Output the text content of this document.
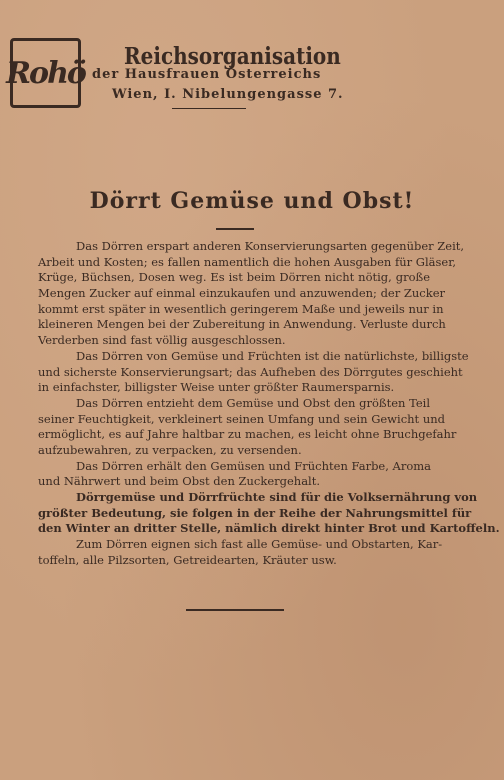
Rohö Reichsorganisation
der Hausfrauen Österreichs
Wien, I. Nibelungengasse 7.
Dörrt Gemüse und Obst!
Das Dörren erspart anderen Konservierungsarten gegenüber Zeit,
Arbeit und Kosten; es fallen namentlich die hohen Ausgaben für Gläser,
Krüge, Büchsen, Dosen weg. Es ist beim Dörren nicht nötig, große
Mengen Zucker auf einmal einzukaufen und anzuwenden; der Zucker
kommt erst später in wesentlich geringerem Maße und jeweils nur in
kleineren Mengen bei der Zubereitung in Anwendung. Verluste durch
Verderben sind fast völlig ausgeschlossen.
Das Dörren von Gemüse und Früchten ist die natürlichste, billigste
und sicherste Konservierungsart; das Aufheben des Dörrgutes geschieht
in einfachster, billigster Weise unter größter Raumersparnis.
Das Dörren entzieht dem Gemüse und Obst den größten Teil
seiner Feuchtigkeit, verkleinert seinen Umfang und sein Gewicht und
ermöglicht, es auf Jahre haltbar zu machen, es leicht ohne Bruchgefahr
aufzubewahren, zu verpacken, zu versenden.
Das Dörren erhält den Gemüsen und Früchten Farbe, Aroma
und Nährwert und beim Obst den Zuckergehalt.
Dörrgemüse und Dörrfrüchte sind für die Volksernährung von
größter Bedeutung, sie folgen in der Reihe der Nahrungsmittel für
den Winter an dritter Stelle, nämlich direkt hinter Brot und Kartoffeln.
Zum Dörren eignen sich fast alle Gemüse- und Obstarten, Kar-
toffeln, alle Pilzsorten, Getreidearten, Kräuter usw.
